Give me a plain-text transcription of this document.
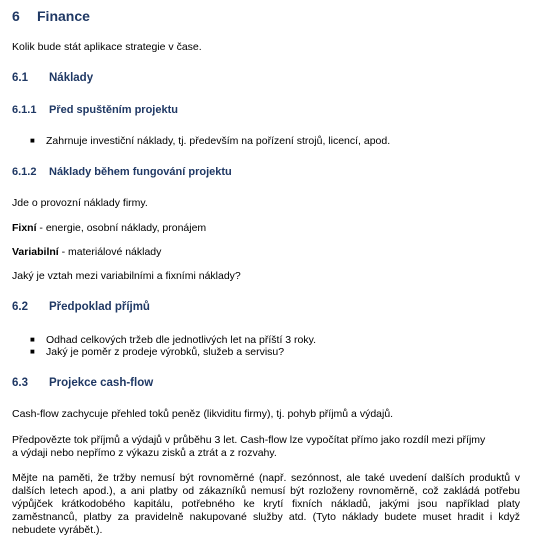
6 Finance
Kolik bude stát aplikace strategie v čase.
6.1 Náklady
6.1.1 Před spuštěním projektu
■ Zahrnuje investiční náklady, tj. především na pořízení strojů, licencí, apod.
6.1.2 Náklady během fungování projektu
Jde o provozní náklady firmy.
Fixní - energie, osobní náklady, pronájem
Variabilní - materiálové náklady
Jaký je vztah mezi variabilními a fixními náklady?
6.2 Předpoklad příjmů
■ Odhad celkových tržeb dle jednotlivých let na příští 3 roky.
■ Jaký je poměr z prodeje výrobků, služeb a servisu?
6.3 Projekce cash-flow
Cash-flow zachycuje přehled toků peněz (likviditu firmy), tj. pohyb příjmů a výdajů.
Předpovězte tok příjmů a výdajů v průběhu 3 let. Cash-flow lze vypočítat přímo jako rozdíl mezi příjmy
a výdaji nebo nepřímo z výkazu zisků a ztrát a z rozvahy.
Mějte na paměti, že tržby nemusí být rovnoměrné (např. sezónnost, ale také uvedení dalších produktů v dalších letech apod.), a ani platby od zákazníků nemusí být rozloženy rovnoměrně, což zakládá potřebu výpůjček krátkodobého kapitálu, potřebného ke krytí fixních nákladů, jakými jsou například platy zaměstnanců, platby za pravidelně nakupované služby atd. (Tyto náklady budete muset hradit i když nebudete vyrábět.).
